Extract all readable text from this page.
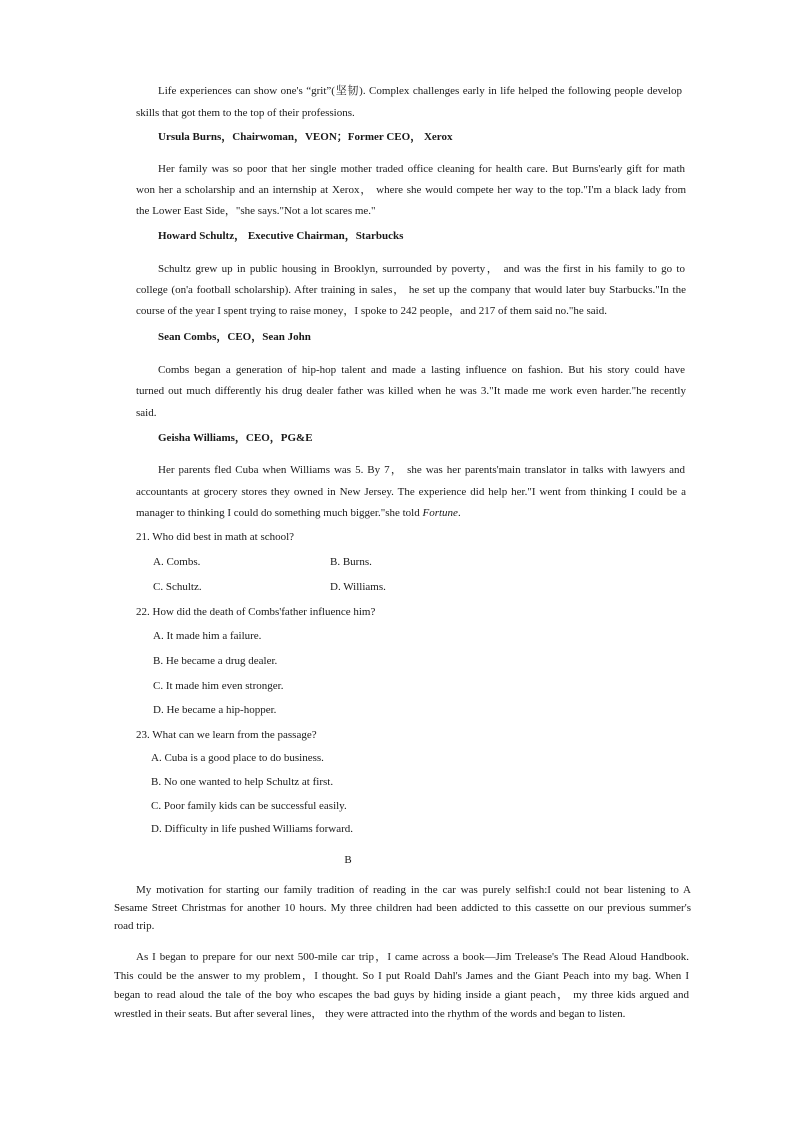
Life experiences can show one's “grit”(坚韧). Complex challenges early in life helped the following people develop
skills that got them to the top of their professions.
Ursula Burns，Chairwoman，VEON；Former CEO， Xerox
Her family was so poor that her single mother traded office cleaning for health care. But Burns'early gift for math
won her a scholarship and an internship at Xerox， where she would compete her way to the top."I'm a black lady from
the Lower East Side，"she says."Not a lot scares me."
Howard Schultz， Executive Chairman，Starbucks
Schultz grew up in public housing in Brooklyn, surrounded by poverty， and was the first in his family to go to
college (on'a football scholarship). After training in sales， he set up the company that would later buy Starbucks."In the
course of the year I spent trying to raise money，I spoke to 242 people，and 217 of them said no."he said.
Sean Combs，CEO，Sean John
Combs began a generation of hip-hop talent and made a lasting influence on fashion. But his story could have
turned out much differently his drug dealer father was killed when he was 3."It made me work even harder."he recently
said.
Geisha Williams，CEO，PG&E
Her parents fled Cuba when Williams was 5. By 7， she was her parents'main translator in talks with lawyers and
accountants at grocery stores they owned in New Jersey. The experience did help her."I went from thinking I could be a
manager to thinking I could do something much bigger."she told Fortune.
21. Who did best in math at school?
A. Combs.	B. Burns.
C. Schultz.	D. Williams.
22. How did the death of Combs'father influence him?
A. It made him a failure.
B. He became a drug dealer.
C. It made him even stronger.
D. He became a hip-hopper.
23. What can we learn from the passage?
A. Cuba is a good place to do business.
B. No one wanted to help Schultz at first.
C. Poor family kids can be successful easily.
D. Difficulty in life pushed Williams forward.
B
My motivation for starting our family tradition of reading in the car was purely selfish:I could not bear listening to A
Sesame Street Christmas for another 10 hours. My three children had been addicted to this cassette on our previous summer's
road trip.
As I began to prepare for our next 500-mile car trip，I came across a book—Jim Trelease's The Read Aloud Handbook.
This could be the answer to my problem，I thought. So I put Roald Dahl's James and the Giant Peach into my bag. When I
began to read aloud the tale of the boy who escapes the bad guys by hiding inside a giant peach， my three kids argued and
wrestled in their seats. But after several lines， they were attracted into the rhythm of the words and began to listen.
